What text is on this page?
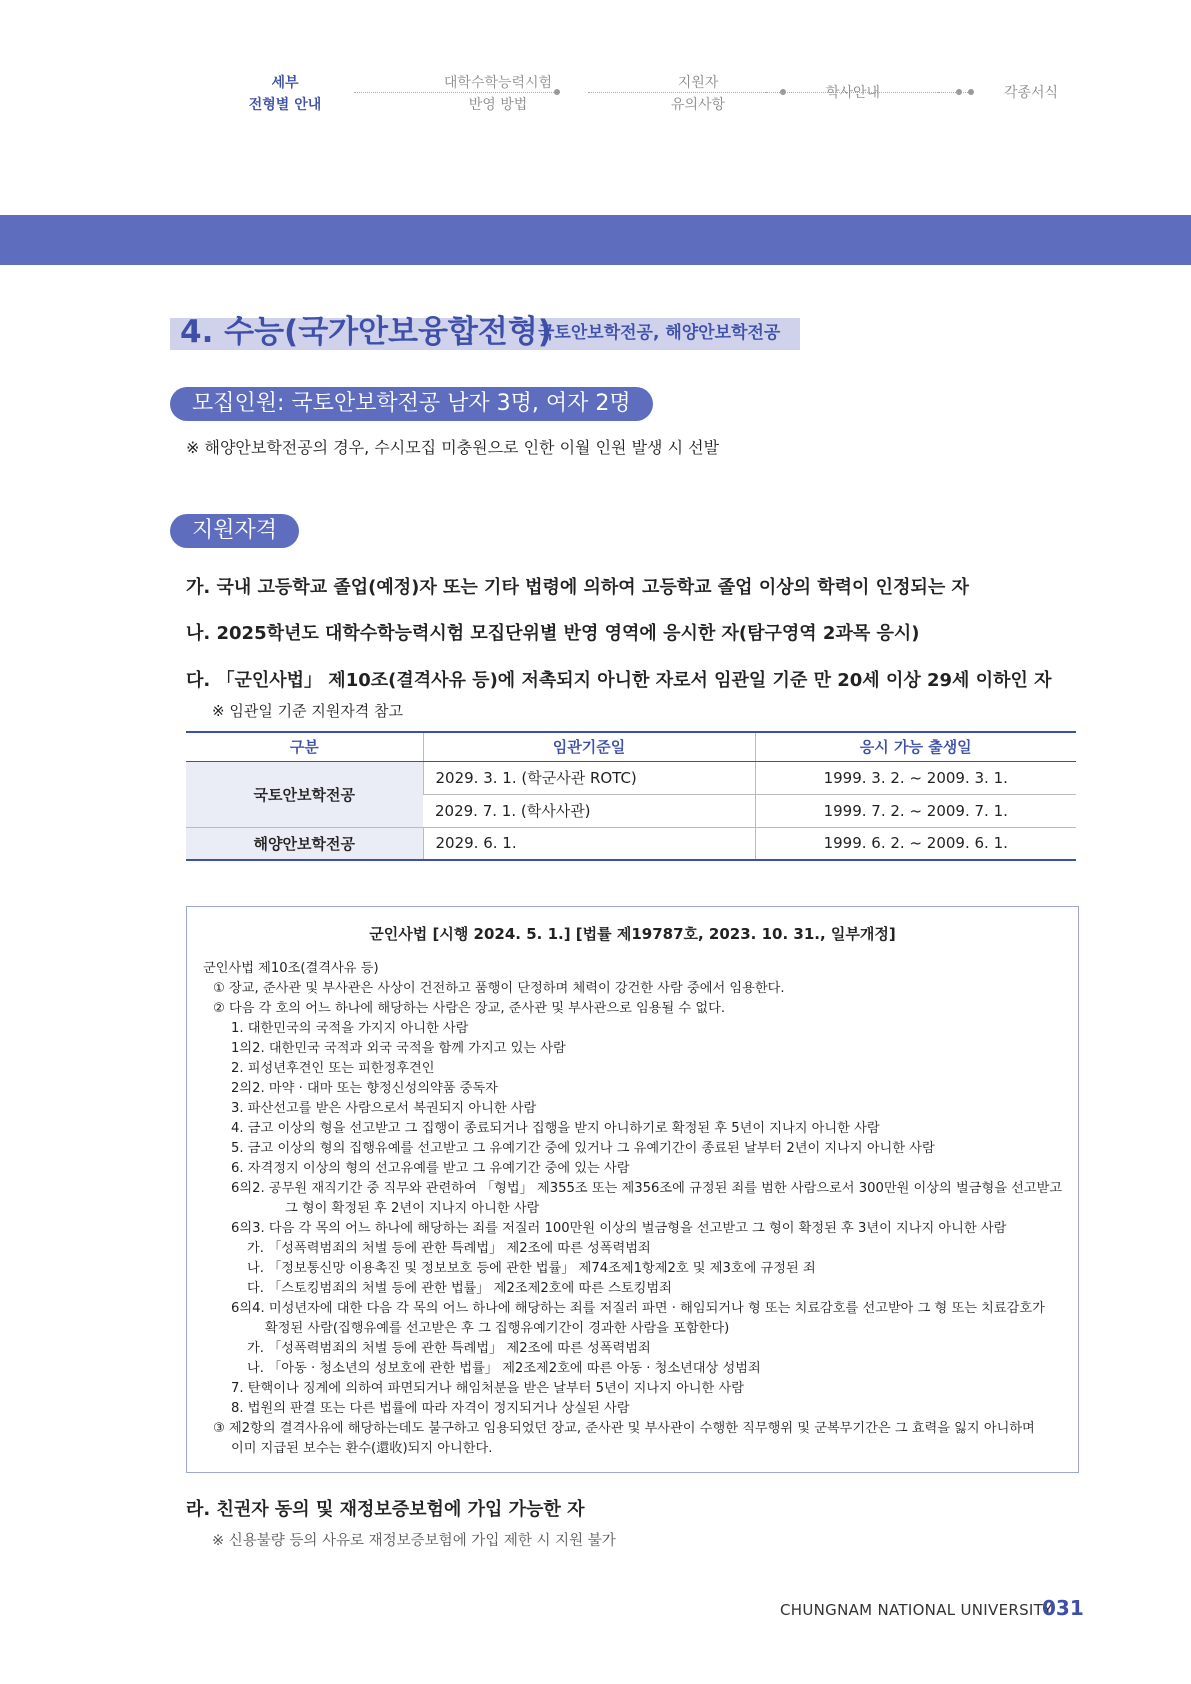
세부
전형별 안내
대학수학능력시험
반영 방법
지원자
유의사항
학사안내	각종서식
4. 수능(국가안보융합전형)
국토안보학전공, 해양안보학전공
모집인원: 국토안보학전공 남자 3명, 여자 2명
※ 해양안보학전공의 경우, 수시모집 미충원으로 인한 이월 인원 발생 시 선발
지원자격
가. 국내 고등학교 졸업(예정)자 또는 기타 법령에 의하여 고등학교 졸업 이상의 학력이 인정되는 자
나. 2025학년도 대학수학능력시험 모집단위별 반영 영역에 응시한 자(탐구영역 2과목 응시)
다. 「군인사법」 제10조(결격사유 등)에 저촉되지 아니한 자로서 임관일 기준 만 20세 이상 29세 이하인 자
※ 임관일 기준 지원자격 참고
구분	임관기준일	응시 가능 출생일
국토안보학전공	2029. 3. 1. (학군사관 ROTC)	1999. 3. 2. ~ 2009. 3. 1.
	2029. 7. 1. (학사사관)	1999. 7. 2. ~ 2009. 7. 1.
해양안보학전공	2029. 6. 1.	1999. 6. 2. ~ 2009. 6. 1.
군인사법 [시행 2024. 5. 1.] [법률 제19787호, 2023. 10. 31., 일부개정]
군인사법 제10조(결격사유 등)
① 장교, 준사관 및 부사관은 사상이 건전하고 품행이 단정하며 체력이 강건한 사람 중에서 임용한다.
② 다음 각 호의 어느 하나에 해당하는 사람은 장교, 준사관 및 부사관으로 임용될 수 없다.
1. 대한민국의 국적을 가지지 아니한 사람
1의2. 대한민국 국적과 외국 국적을 함께 가지고 있는 사람
2. 피성년후견인 또는 피한정후견인
2의2. 마약 · 대마 또는 향정신성의약품 중독자
3. 파산선고를 받은 사람으로서 복권되지 아니한 사람
4. 금고 이상의 형을 선고받고 그 집행이 종료되거나 집행을 받지 아니하기로 확정된 후 5년이 지나지 아니한 사람
5. 금고 이상의 형의 집행유예를 선고받고 그 유예기간 중에 있거나 그 유예기간이 종료된 날부터 2년이 지나지 아니한 사람
6. 자격정지 이상의 형의 선고유예를 받고 그 유예기간 중에 있는 사람
6의2. 공무원 재직기간 중 직무와 관련하여 「형법」 제355조 또는 제356조에 규정된 죄를 범한 사람으로서 300만원 이상의 벌금형을 선고받고
그 형이 확정된 후 2년이 지나지 아니한 사람
6의3. 다음 각 목의 어느 하나에 해당하는 죄를 저질러 100만원 이상의 벌금형을 선고받고 그 형이 확정된 후 3년이 지나지 아니한 사람
가. 「성폭력범죄의 처벌 등에 관한 특례법」 제2조에 따른 성폭력범죄
나. 「정보통신망 이용촉진 및 정보보호 등에 관한 법률」 제74조제1항제2호 및 제3호에 규정된 죄
다. 「스토킹범죄의 처벌 등에 관한 법률」 제2조제2호에 따른 스토킹범죄
6의4. 미성년자에 대한 다음 각 목의 어느 하나에 해당하는 죄를 저질러 파면 · 해임되거나 형 또는 치료감호를 선고받아 그 형 또는 치료감호가
확정된 사람(집행유예를 선고받은 후 그 집행유예기간이 경과한 사람을 포함한다)
가. 「성폭력범죄의 처벌 등에 관한 특례법」 제2조에 따른 성폭력범죄
나. 「아동 · 청소년의 성보호에 관한 법률」 제2조제2호에 따른 아동 · 청소년대상 성범죄
7. 탄핵이나 징계에 의하여 파면되거나 해임처분을 받은 날부터 5년이 지나지 아니한 사람
8. 법원의 판결 또는 다른 법률에 따라 자격이 정지되거나 상실된 사람
③ 제2항의 결격사유에 해당하는데도 불구하고 임용되었던 장교, 준사관 및 부사관이 수행한 직무행위 및 군복무기간은 그 효력을 잃지 아니하며
이미 지급된 보수는 환수(還收)되지 아니한다.
라. 친권자 동의 및 재정보증보험에 가입 가능한 자
※ 신용불량 등의 사유로 재정보증보험에 가입 제한 시 지원 불가
CHUNGNAM NATIONAL UNIVERSITY
031
